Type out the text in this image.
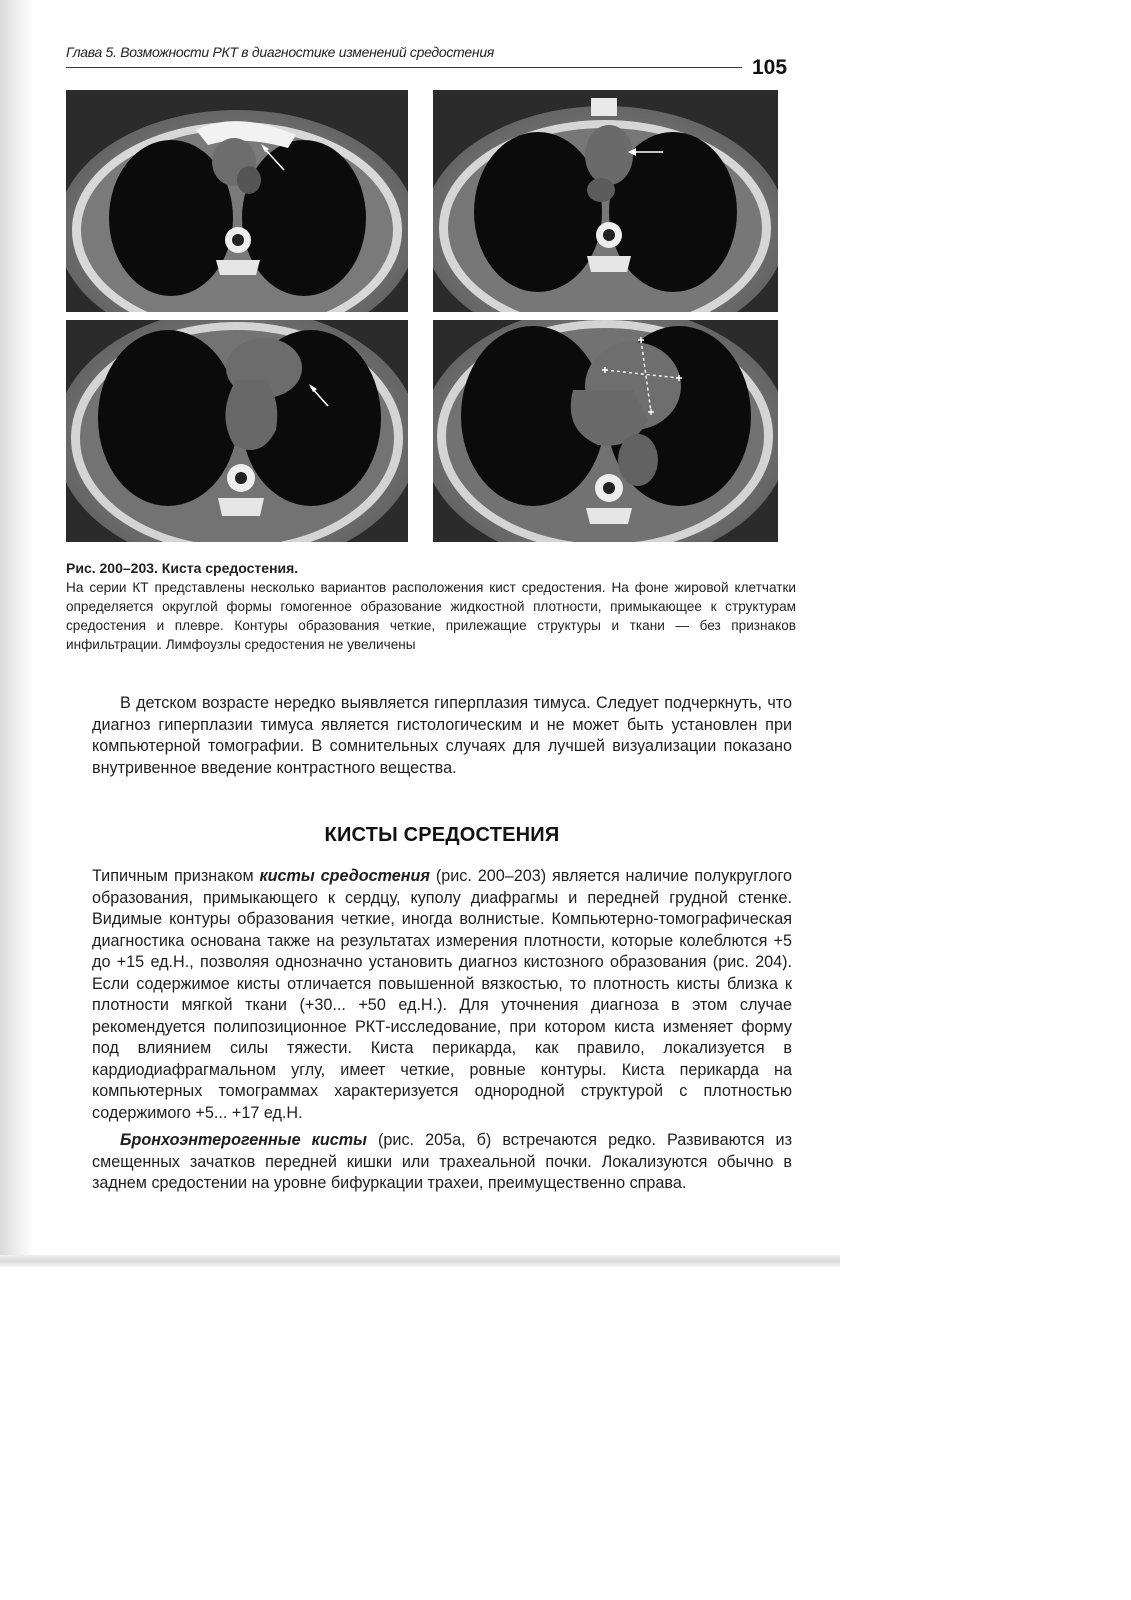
Глава 5. Возможности РКТ в диагностике изменений средостения
105
Рис. 200–203. Киста средостения.
На серии КТ представлены несколько вариантов расположения кист средостения. На фоне жировой клетчатки определяется округлой формы гомогенное образование жидкостной плотности, примыкающее к структурам средостения и плевре. Контуры образования четкие, прилежащие структуры и ткани — без признаков инфильтрации. Лимфоузлы средостения не увеличены
В детском возрасте нередко выявляется гиперплазия тимуса. Следует подчеркнуть, что диагноз гиперплазии тимуса является гистологическим и не может быть установлен при компьютерной томографии. В сомнительных случаях для лучшей визуализации показано внутривенное введение контрастного вещества.
КИСТЫ СРЕДОСТЕНИЯ
Типичным признаком кисты средостения (рис. 200–203) является наличие полукруглого образования, примыкающего к сердцу, куполу диафрагмы и передней грудной стенке. Видимые контуры образования четкие, иногда волнистые. Компьютерно-томографическая диагностика основана также на результатах измерения плотности, которые колеблются +5 до +15 ед.Н., позволяя однозначно установить диагноз кистозного образования (рис. 204). Если содержимое кисты отличается повышенной вязкостью, то плотность кисты близка к плотности мягкой ткани (+30... +50 ед.Н.). Для уточнения диагноза в этом случае рекомендуется полипозиционное РКТ-исследование, при котором киста изменяет форму под влиянием силы тяжести. Киста перикарда, как правило, локализуется в кардиодиафрагмальном углу, имеет четкие, ровные контуры. Киста перикарда на компьютерных томограммах характеризуется однородной структурой с плотностью содержимого +5... +17 ед.Н.
Бронхоэнтерогенные кисты (рис. 205а, б) встречаются редко. Развиваются из смещенных зачатков передней кишки или трахеальной почки. Локализуются обычно в заднем средостении на уровне бифуркации трахеи, преимущественно справа.
